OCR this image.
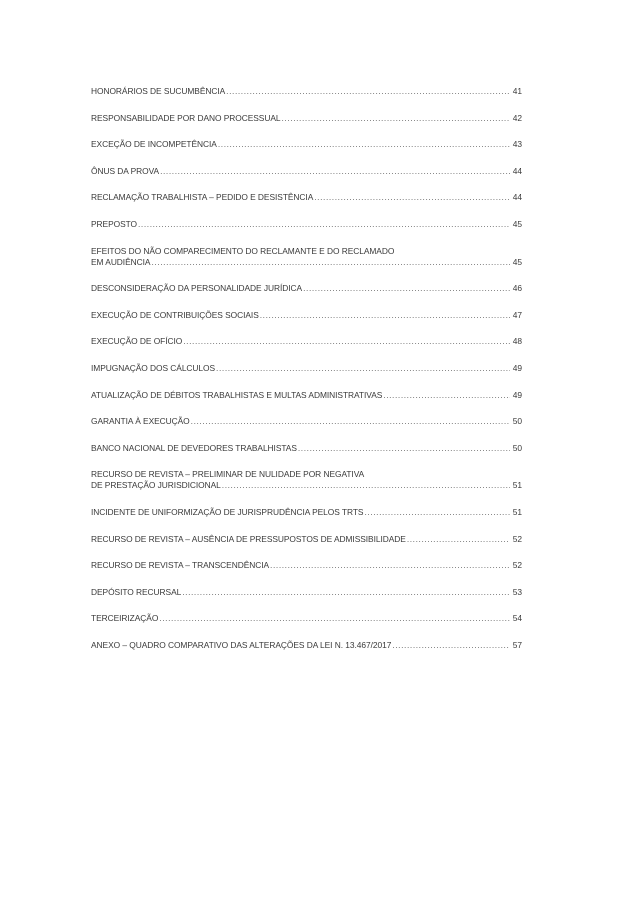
HONORÁRIOS DE SUCUMBÊNCIA .....	41
RESPONSABILIDADE POR DANO PROCESSUAL .....	42
EXCEÇÃO DE INCOMPETÊNCIA .....	43
ÔNUS DA PROVA .....	44
RECLAMAÇÃO TRABALHISTA – PEDIDO E DESISTÊNCIA .....	44
PREPOSTO .....	45
EFEITOS DO NÃO COMPARECIMENTO DO RECLAMANTE E DO RECLAMADO
EM AUDIÊNCIA .....	45
DESCONSIDERAÇÃO DA PERSONALIDADE JURÍDICA .....	46
EXECUÇÃO DE CONTRIBUIÇÕES SOCIAIS .....	47
EXECUÇÃO DE OFÍCIO .....	48
IMPUGNAÇÃO DOS CÁLCULOS .....	49
ATUALIZAÇÃO DE DÉBITOS TRABALHISTAS E MULTAS ADMINISTRATIVAS .....	49
GARANTIA À EXECUÇÃO .....	50
BANCO NACIONAL DE DEVEDORES TRABALHISTAS .....	50
RECURSO DE REVISTA – PRELIMINAR DE NULIDADE POR NEGATIVA
DE PRESTAÇÃO JURISDICIONAL .....	51
INCIDENTE DE UNIFORMIZAÇÃO DE JURISPRUDÊNCIA PELOS TRTS .....	51
RECURSO DE REVISTA – AUSÊNCIA DE PRESSUPOSTOS DE ADMISSIBILIDADE .....	52
RECURSO DE REVISTA – TRANSCENDÊNCIA .....	52
DEPÓSITO RECURSAL .....	53
TERCEIRIZAÇÃO .....	54
ANEXO – QUADRO COMPARATIVO DAS ALTERAÇÕES DA LEI N. 13.467/2017 .....	57
